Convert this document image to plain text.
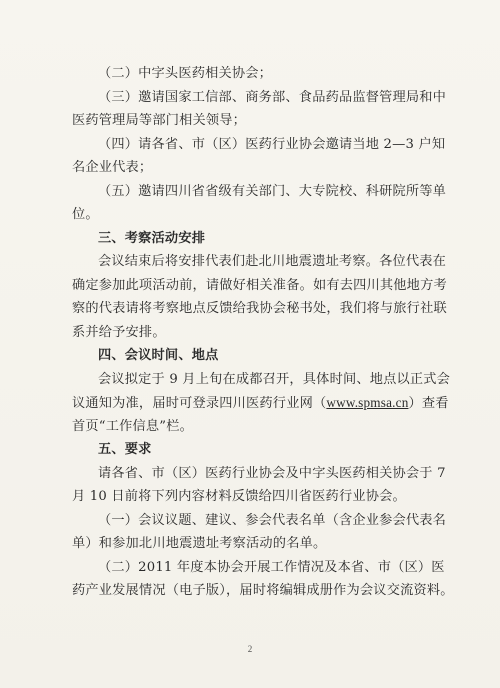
（二）中字头医药相关协会；
（三）邀请国家工信部、商务部、食品药品监督管理局和中
医药管理局等部门相关领导；
（四）请各省、市（区）医药行业协会邀请当地 2—3 户知
名企业代表；
（五）邀请四川省省级有关部门、大专院校、科研院所等单
位。
三、考察活动安排
会议结束后将安排代表们赴北川地震遗址考察。各位代表在
确定参加此项活动前，请做好相关准备。如有去四川其他地方考
察的代表请将考察地点反馈给我协会秘书处，我们将与旅行社联
系并给予安排。
四、会议时间、地点
会议拟定于 9 月上旬在成都召开，具体时间、地点以正式会
议通知为准，届时可登录四川医药行业网（www.spmsa.cn）查看
首页“工作信息”栏。
五、要求
请各省、市（区）医药行业协会及中字头医药相关协会于 7
月 10 日前将下列内容材料反馈给四川省医药行业协会。
（一）会议议题、建议、参会代表名单（含企业参会代表名
单）和参加北川地震遗址考察活动的名单。
（二）2011 年度本协会开展工作情况及本省、市（区）医
药产业发展情况（电子版），届时将编辑成册作为会议交流资料。
2
